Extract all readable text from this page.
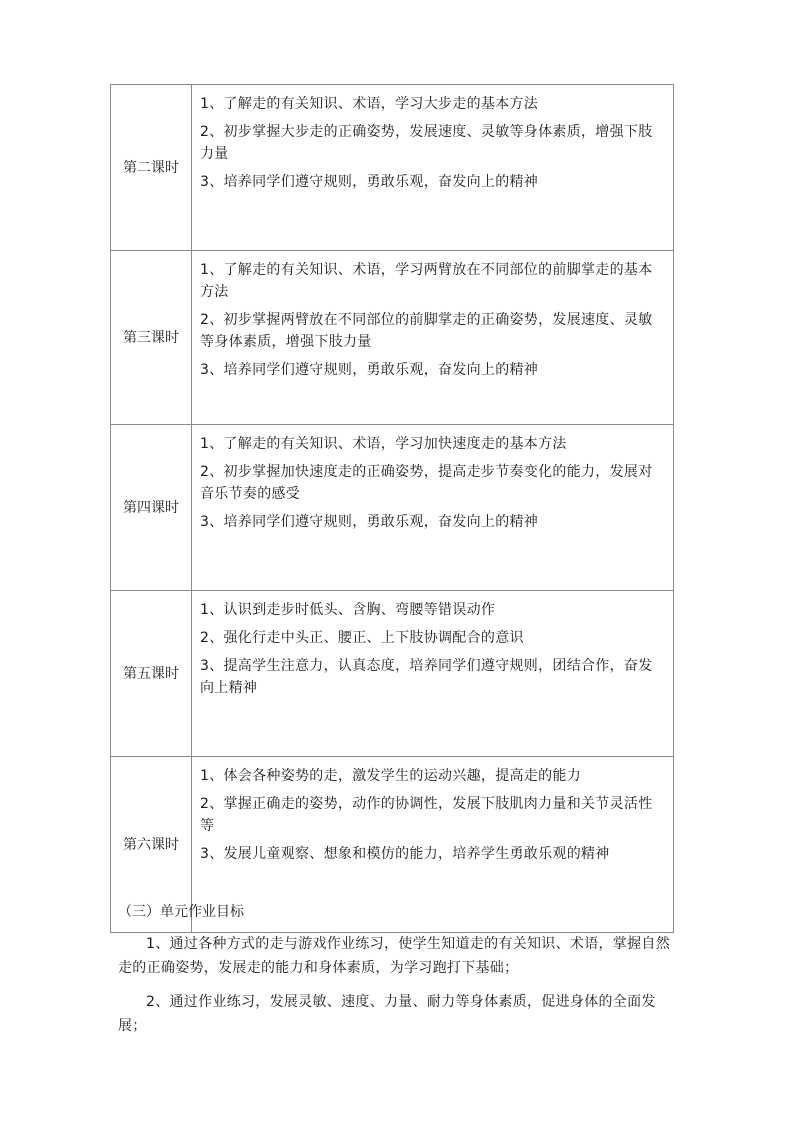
第二课时	1、了解走的有关知识、术语，学习大步走的基本方法

2、初步掌握大步走的正确姿势，发展速度、灵敏等身体素质，增强下肢力量

3、培养同学们遵守规则，勇敢乐观，奋发向上的精神

第三课时	1、了解走的有关知识、术语，学习两臂放在不同部位的前脚掌走的基本方法

2、初步掌握两臂放在不同部位的前脚掌走的正确姿势，发展速度、灵敏等身体素质，增强下肢力量

3、培养同学们遵守规则，勇敢乐观，奋发向上的精神

第四课时	1、了解走的有关知识、术语，学习加快速度走的基本方法

2、初步掌握加快速度走的正确姿势，提高走步节奏变化的能力，发展对音乐节奏的感受

3、培养同学们遵守规则，勇敢乐观，奋发向上的精神

第五课时	1、认识到走步时低头、含胸、弯腰等错误动作

2、强化行走中头正、腰正、上下肢协调配合的意识

3、提高学生注意力，认真态度，培养同学们遵守规则，团结合作，奋发向上精神

第六课时	1、体会各种姿势的走，激发学生的运动兴趣，提高走的能力

2、掌握正确走的姿势，动作的协调性，发展下肢肌肉力量和关节灵活性等

3、发展儿童观察、想象和模仿的能力，培养学生勇敢乐观的精神

（三）单元作业目标
1、通过各种方式的走与游戏作业练习，使学生知道走的有关知识、术语，掌握自然走的正确姿势，发展走的能力和身体素质，为学习跑打下基础；
2、通过作业练习，发展灵敏、速度、力量、耐力等身体素质，促进身体的全面发展；
